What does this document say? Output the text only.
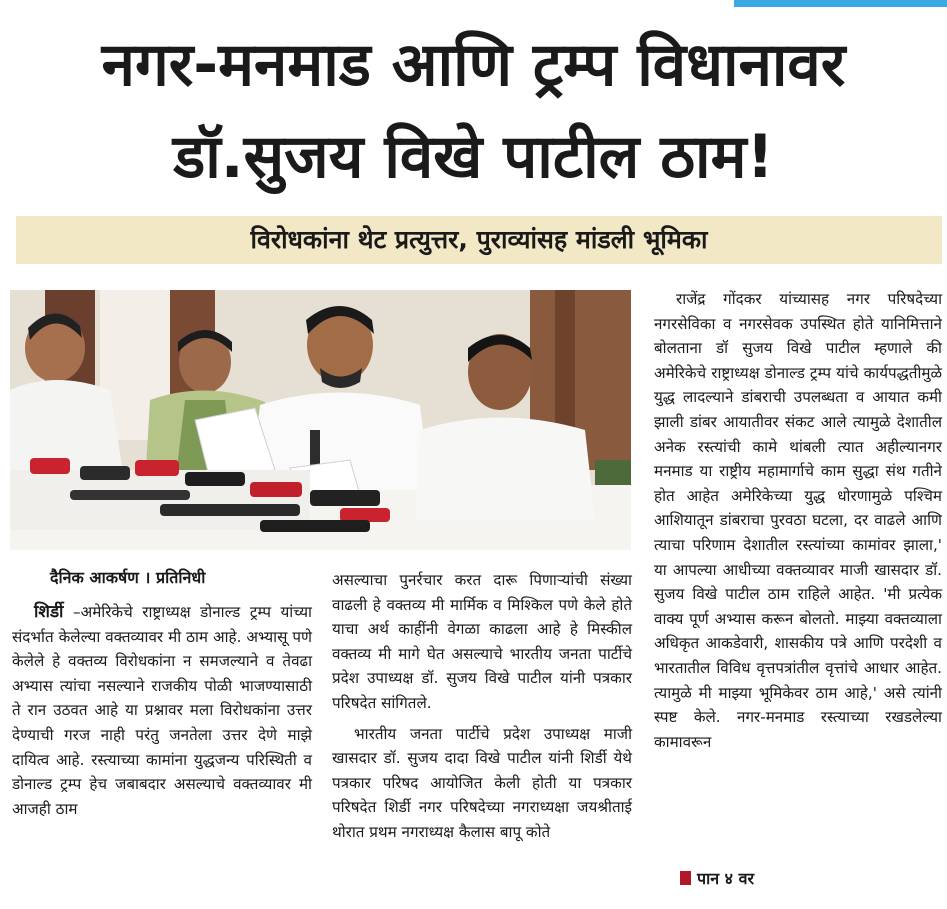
नगर-मनमाड आणि ट्रम्प विधानावर
डॉ.सुजय विखे पाटील ठाम!
विरोधकांना थेट प्रत्युत्तर, पुराव्यांसह मांडली भूमिका
दैनिक आकर्षण । प्रतिनिधी

शिर्डी –अमेरिकेचे राष्ट्राध्यक्ष डोनाल्ड ट्रम्प यांच्या संदर्भात केलेल्या वक्तव्यावर मी ठाम आहे. अभ्यासू पणे केलेले हे वक्तव्य विरोधकांना न समजल्याने व तेवढा अभ्यास त्यांचा नसल्याने राजकीय पोळी भाजण्यासाठी ते रान उठवत आहे या प्रश्नावर मला विरोधकांना उत्तर देण्याची गरज नाही परंतु जनतेला उत्तर देणे माझे दायित्व आहे. रस्त्याच्या कामांना युद्धजन्य परिस्थिती व डोनाल्ड ट्रम्प हेच जबाबदार असल्याचे वक्तव्यावर मी आजही ठाम

असल्याचा पुनर्रचार करत दारू पिणाऱ्यांची संख्या वाढली हे वक्तव्य मी मार्मिक व मिश्किल पणे केले होते याचा अर्थ काहींनी वेगळा काढला आहे हे मिस्कील वक्तव्य मी मागे घेत असल्याचे भारतीय जनता पार्टीचे प्रदेश उपाध्यक्ष डॉ. सुजय विखे पाटील यांनी पत्रकार परिषदेत सांगितले.

भारतीय जनता पार्टीचे प्रदेश उपाध्यक्ष माजी खासदार डॉ. सुजय दादा विखे पाटील यांनी शिर्डी येथे पत्रकार परिषद आयोजित केली होती या पत्रकार परिषदेत शिर्डी नगर परिषदेच्या नगराध्यक्षा जयश्रीताई थोरात प्रथम नगराध्यक्ष कैलास बापू कोते

राजेंद्र गोंदकर यांच्यासह नगर परिषदेच्या नगरसेविका व नगरसेवक उपस्थित होते यानिमित्ताने बोलताना डॉ सुजय विखे पाटील म्हणाले की अमेरिकेचे राष्ट्राध्यक्ष डोनाल्ड ट्रम्प यांचे कार्यपद्धतीमुळे युद्ध लादल्याने डांबराची उपलब्धता व आयात कमी झाली डांबर आयातीवर संकट आले त्यामुळे देशातील अनेक रस्त्यांची कामे थांबली त्यात अहील्यानगर मनमाड या राष्ट्रीय महामार्गाचे काम सुद्धा संथ गतीने होत आहेत अमेरिकेच्या युद्ध धोरणामुळे पश्चिम आशियातून डांबराचा पुरवठा घटला, दर वाढले आणि त्याचा परिणाम देशातील रस्त्यांच्या कामांवर झाला,' या आपल्या आधीच्या वक्तव्यावर माजी खासदार डॉ. सुजय विखे पाटील ठाम राहिले आहेत. 'मी प्रत्येक वाक्य पूर्ण अभ्यास करून बोलतो. माझ्या वक्तव्याला अधिकृत आकडेवारी, शासकीय पत्रे आणि परदेशी व भारतातील विविध वृत्तपत्रांतील वृत्तांचे आधार आहेत. त्यामुळे मी माझ्या भूमिकेवर ठाम आहे,' असे त्यांनी स्पष्ट केले. नगर-मनमाड रस्त्याच्या रखडलेल्या कामावरून

पान ४ वर
